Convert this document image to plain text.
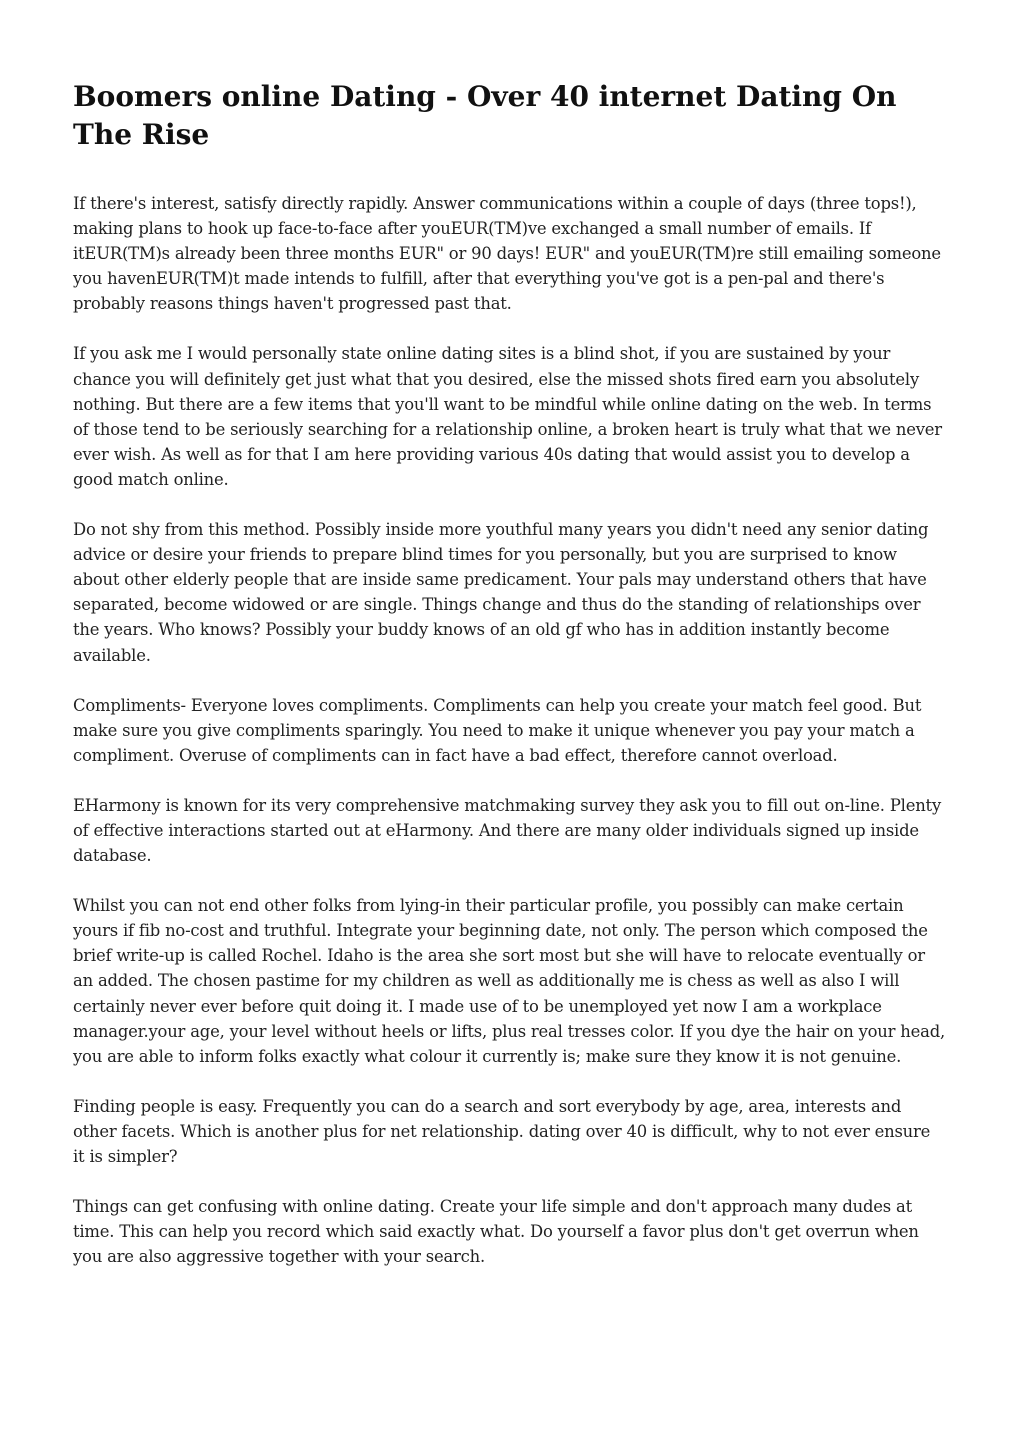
Boomers online Dating - Over 40 internet Dating On The Rise

If there's interest, satisfy directly rapidly. Answer communications within a couple of days (three tops!), making plans to hook up face-to-face after youEUR(TM)ve exchanged a small number of emails. If itEUR(TM)s already been three months EUR" or 90 days! EUR" and youEUR(TM)re still emailing someone you havenEUR(TM)t made intends to fulfill, after that everything you've got is a pen-pal and there's probably reasons things haven't progressed past that.

If you ask me I would personally state online dating sites is a blind shot, if you are sustained by your chance you will definitely get just what that you desired, else the missed shots fired earn you absolutely nothing. But there are a few items that you'll want to be mindful while online dating on the web. In terms of those tend to be seriously searching for a relationship online, a broken heart is truly what that we never ever wish. As well as for that I am here providing various 40s dating that would assist you to develop a good match online.

Do not shy from this method. Possibly inside more youthful many years you didn't need any senior dating advice or desire your friends to prepare blind times for you personally, but you are surprised to know about other elderly people that are inside same predicament. Your pals may understand others that have separated, become widowed or are single. Things change and thus do the standing of relationships over the years. Who knows? Possibly your buddy knows of an old gf who has in addition instantly become available.

Compliments- Everyone loves compliments. Compliments can help you create your match feel good. But make sure you give compliments sparingly. You need to make it unique whenever you pay your match a compliment. Overuse of compliments can in fact have a bad effect, therefore cannot overload.

EHarmony is known for its very comprehensive matchmaking survey they ask you to fill out on-line. Plenty of effective interactions started out at eHarmony. And there are many older individuals signed up inside database.

Whilst you can not end other folks from lying-in their particular profile, you possibly can make certain yours if fib no-cost and truthful. Integrate your beginning date, not only. The person which composed the brief write-up is called Rochel. Idaho is the area she sort most but she will have to relocate eventually or an added. The chosen pastime for my children as well as additionally me is chess as well as also I will certainly never ever before quit doing it. I made use of to be unemployed yet now I am a workplace manager.your age, your level without heels or lifts, plus real tresses color. If you dye the hair on your head, you are able to inform folks exactly what colour it currently is; make sure they know it is not genuine.

Finding people is easy. Frequently you can do a search and sort everybody by age, area, interests and other facets. Which is another plus for net relationship. dating over 40 is difficult, why to not ever ensure it is simpler?

Things can get confusing with online dating. Create your life simple and don't approach many dudes at time. This can help you record which said exactly what. Do yourself a favor plus don't get overrun when you are also aggressive together with your search.
